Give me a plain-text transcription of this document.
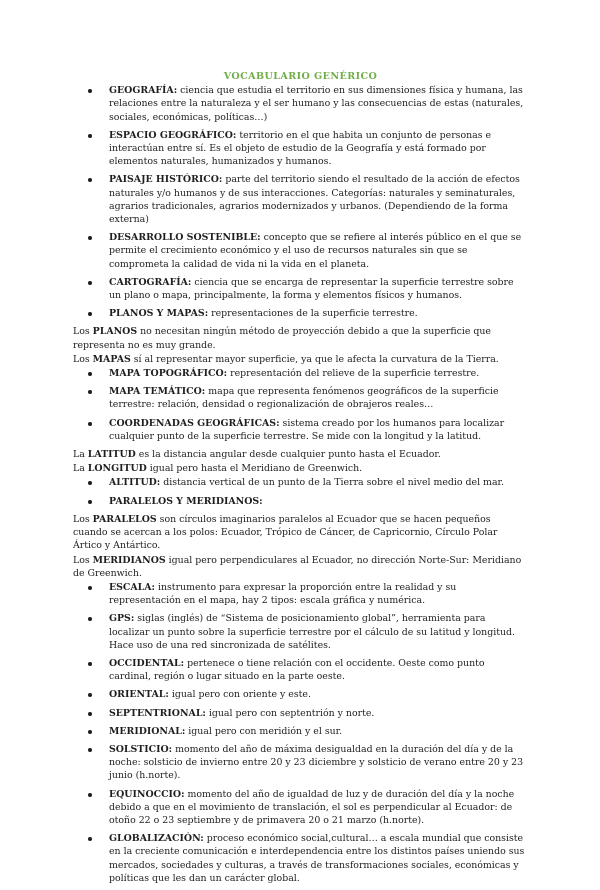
VOCABULARIO GENÉRICO
GEOGRAFÍA: ciencia que estudia el territorio en sus dimensiones física y humana, las relaciones entre la naturaleza y el ser humano y las consecuencias de estas (naturales, sociales, económicas, políticas…)
ESPACIO GEOGRÁFICO: territorio en el que habita un conjunto de personas e interactúan entre sí. Es el objeto de estudio de la Geografía y está formado por elementos naturales, humanizados y humanos.
PAISAJE HISTÓRICO: parte del territorio siendo el resultado de la acción de efectos naturales y/o humanos y de sus interacciones. Categorías: naturales y seminaturales, agrarios tradicionales, agrarios modernizados y urbanos. (Dependiendo de la forma externa)
DESARROLLO SOSTENIBLE: concepto que se refiere al interés público en el que se permite el crecimiento económico y el uso de recursos naturales sin que se comprometa la calidad de vida ni la vida en el planeta.
CARTOGRAFÍA: ciencia que se encarga de representar la superficie terrestre sobre un plano o mapa, principalmente, la forma y elementos físicos y humanos.
PLANOS Y MAPAS: representaciones de la superficie terrestre.
Los PLANOS no necesitan ningún método de proyección debido a que la superficie que representa no es muy grande.
Los MAPAS sí al representar mayor superficie, ya que le afecta la curvatura de la Tierra.
MAPA TOPOGRÁFICO: representación del relieve de la superficie terrestre.
MAPA TEMÁTICO: mapa que representa fenómenos geográficos de la superficie terrestre: relación, densidad o regionalización de obrajeros reales…
COORDENADAS GEOGRÁFICAS: sistema creado por los humanos para localizar cualquier punto de la superficie terrestre. Se mide con la longitud y la latitud.
La LATITUD es la distancia angular desde cualquier punto hasta el Ecuador.
La LONGITUD igual pero hasta el Meridiano de Greenwich.
ALTITUD: distancia vertical de un punto de la Tierra sobre el nivel medio del mar.
PARALELOS Y MERIDIANOS:
Los PARALELOS son círculos imaginarios paralelos al Ecuador que se hacen pequeños cuando se acercan a los polos: Ecuador, Trópico de Cáncer, de Capricornio, Círculo Polar Ártico y Antártico.
Los MERIDIANOS igual pero perpendiculares al Ecuador, no dirección Norte-Sur: Meridiano de Greenwich.
ESCALA: instrumento para expresar la proporción entre la realidad y su representación en el mapa, hay 2 tipos: escala gráfica y numérica.
GPS: siglas (inglés) de “Sistema de posicionamiento global”, herramienta para localizar un punto sobre la superficie terrestre por el cálculo de su latitud y longitud. Hace uso de una red sincronizada de satélites.
OCCIDENTAL: pertenece o tiene relación con el occidente. Oeste como punto cardinal, región o lugar situado en la parte oeste.
ORIENTAL: igual pero con oriente y este.
SEPTENTRIONAL: igual pero con septentrión y norte.
MERIDIONAL: igual pero con meridión y el sur.
SOLSTICIO: momento del año de máxima desigualdad en la duración del día y de la noche: solsticio de invierno entre 20 y 23 diciembre y solsticio de verano entre 20 y 23 junio (h.norte).
EQUINOCCIO: momento del año de igualdad de luz y de duración del día y la noche debido a que en el movimiento de translación, el sol es perpendicular al Ecuador: de otoño 22 o 23 septiembre y de primavera 20 o 21 marzo (h.norte).
GLOBALIZACIÓN: proceso económico social,cultural… a escala mundial que consiste en la creciente comunicación e interdependencia entre los distintos países uniendo sus mercados, sociedades y culturas, a través de transformaciones sociales, económicas y políticas que les dan un carácter global.
